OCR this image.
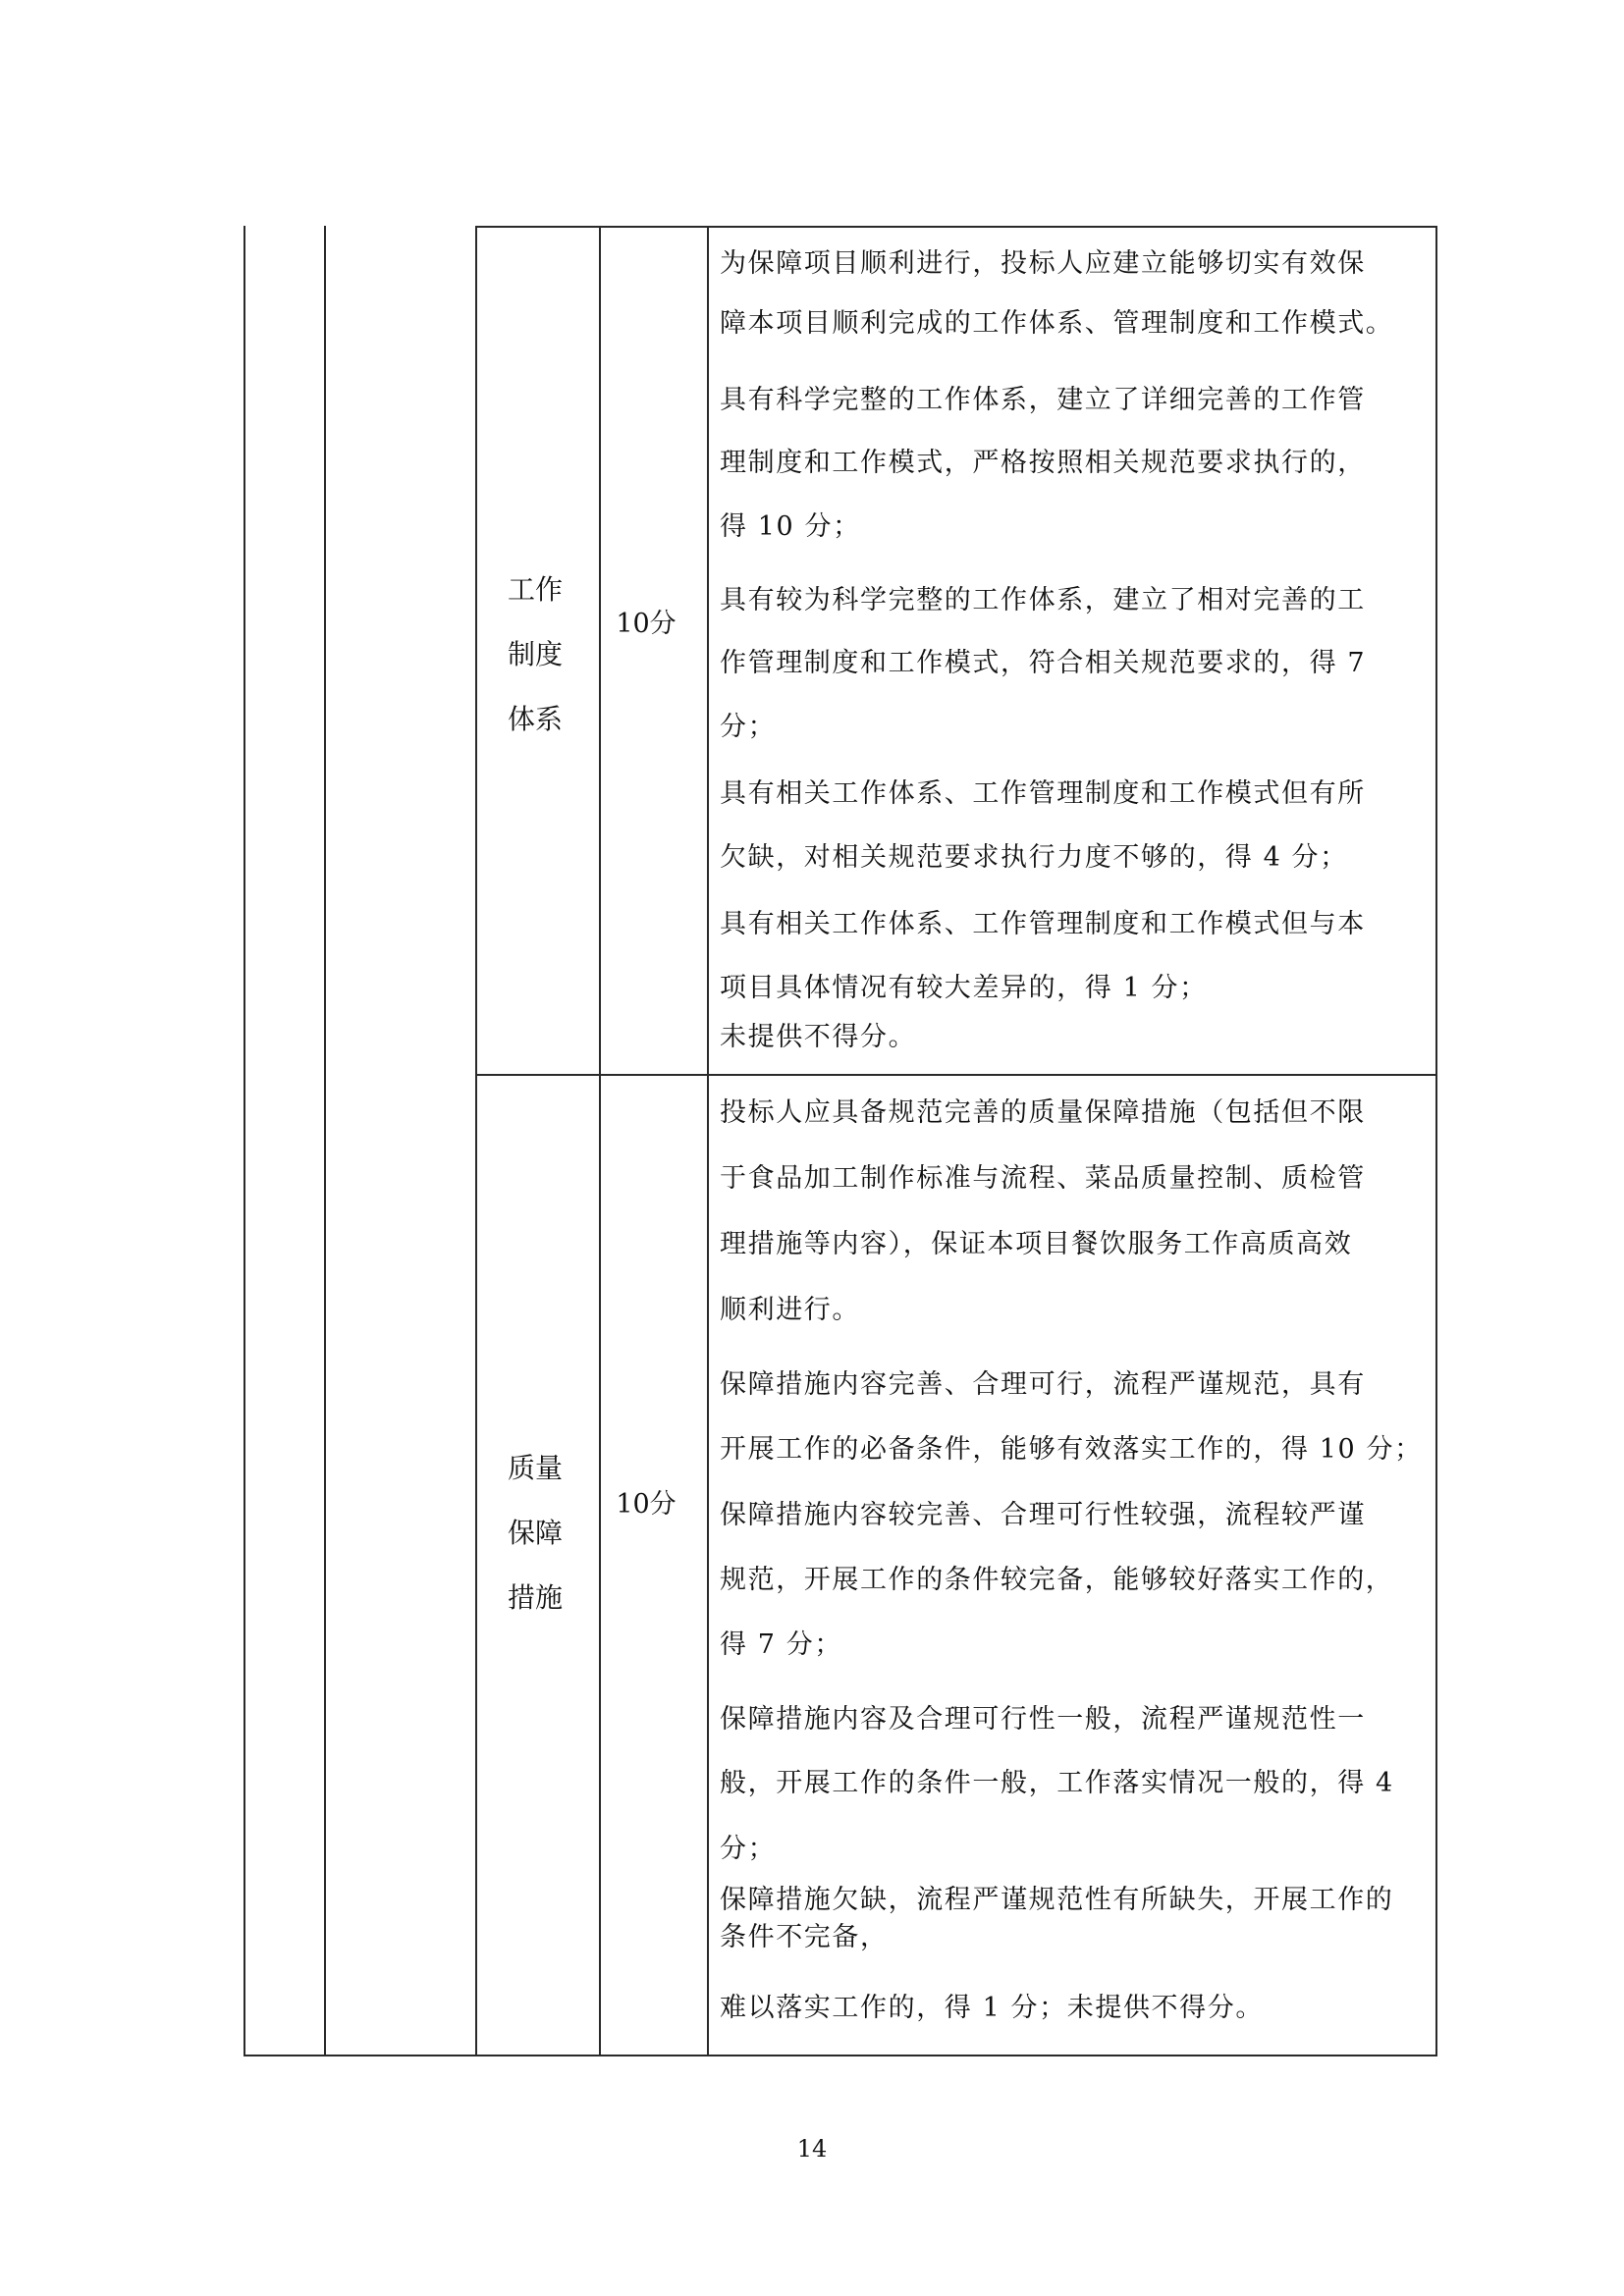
工作
制度
体系
10分
为保障项目顺利进行，投标人应建立能够切实有效保
障本项目顺利完成的工作体系、管理制度和工作模式。
具有科学完整的工作体系，建立了详细完善的工作管
理制度和工作模式，严格按照相关规范要求执行的，
得 10 分；
具有较为科学完整的工作体系，建立了相对完善的工
作管理制度和工作模式，符合相关规范要求的，得 7
分；
具有相关工作体系、工作管理制度和工作模式但有所
欠缺，对相关规范要求执行力度不够的，得 4 分；
具有相关工作体系、工作管理制度和工作模式但与本
项目具体情况有较大差异的，得 1 分；
未提供不得分。
质量
保障
措施
10分
投标人应具备规范完善的质量保障措施（包括但不限
于食品加工制作标准与流程、菜品质量控制、质检管
理措施等内容），保证本项目餐饮服务工作高质高效
顺利进行。
保障措施内容完善、合理可行，流程严谨规范，具有
开展工作的必备条件，能够有效落实工作的，得 10 分；
保障措施内容较完善、合理可行性较强，流程较严谨
规范，开展工作的条件较完备，能够较好落实工作的，
得 7 分；
保障措施内容及合理可行性一般，流程严谨规范性一
般，开展工作的条件一般，工作落实情况一般的，得 4
分；
保障措施欠缺，流程严谨规范性有所缺失，开展工作的
条件不完备，
难以落实工作的，得 1 分；未提供不得分。
14
